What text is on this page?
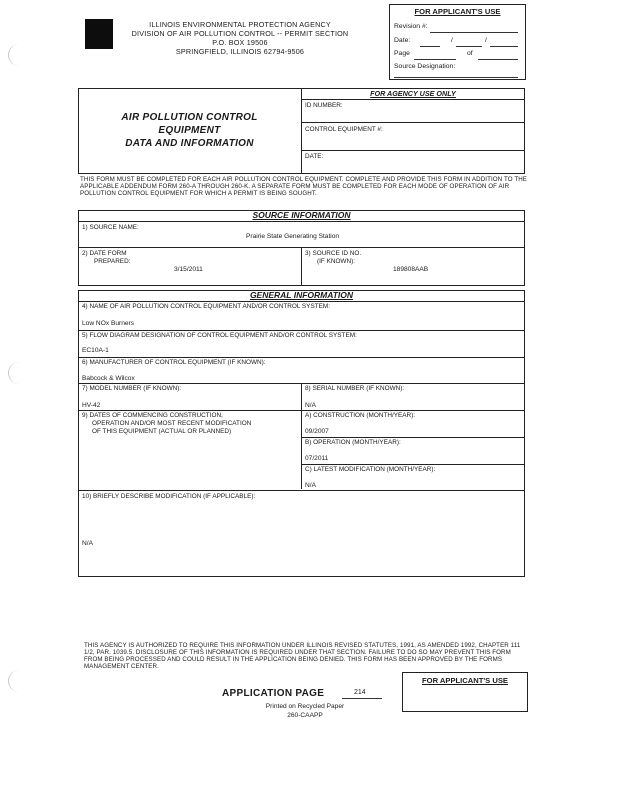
ILLINOIS ENVIRONMENTAL PROTECTION AGENCY
DIVISION OF AIR POLLUTION CONTROL -- PERMIT SECTION
P.O. BOX 19506
SPRINGFIELD, ILLINOIS 62794-9506
FOR APPLICANT'S USE
Revision #:
Date:	/	/
Page	of
Source Designation:
AIR POLLUTION CONTROL
EQUIPMENT
DATA AND INFORMATION
FOR AGENCY USE ONLY
ID NUMBER:
CONTROL EQUIPMENT #:
DATE:
THIS FORM MUST BE COMPLETED FOR EACH AIR POLLUTION CONTROL EQUIPMENT. COMPLETE AND PROVIDE THIS FORM IN ADDITION TO THE APPLICABLE ADDENDUM FORM 260-A THROUGH 260-K. A SEPARATE FORM MUST BE COMPLETED FOR EACH MODE OF OPERATION OF AIR POLLUTION CONTROL EQUIPMENT FOR WHICH A PERMIT IS BEING SOUGHT.
SOURCE INFORMATION
1) SOURCE NAME:
Prairie State Generating Station
2) DATE FORM
PREPARED:
3/15/2011
3) SOURCE ID NO.
(IF KNOWN):
189808AAB
GENERAL INFORMATION
4) NAME OF AIR POLLUTION CONTROL EQUIPMENT AND/OR CONTROL SYSTEM:
Low NOx Burners
5) FLOW DIAGRAM DESIGNATION OF CONTROL EQUIPMENT AND/OR CONTROL SYSTEM:
EC10A-1
6) MANUFACTURER OF CONTROL EQUIPMENT (IF KNOWN):
Babcock & Wilcox
7) MODEL NUMBER (IF KNOWN):
HV-42
8) SERIAL NUMBER (IF KNOWN):
N/A
9) DATES OF COMMENCING CONSTRUCTION,
OPERATION AND/OR MOST RECENT MODIFICATION
OF THIS EQUIPMENT (ACTUAL OR PLANNED)
A) CONSTRUCTION (MONTH/YEAR):
09/2007
B) OPERATION (MONTH/YEAR):
07/2011
C) LATEST MODIFICATION (MONTH/YEAR):
N/A
10) BRIEFLY DESCRIBE MODIFICATION (IF APPLICABLE):
N/A
THIS AGENCY IS AUTHORIZED TO REQUIRE THIS INFORMATION UNDER ILLINOIS REVISED STATUTES, 1991, AS AMENDED 1992, CHAPTER 111 1/2, PAR. 1039.5. DISCLOSURE OF THIS INFORMATION IS REQUIRED UNDER THAT SECTION. FAILURE TO DO SO MAY PREVENT THIS FORM FROM BEING PROCESSED AND COULD RESULT IN THE APPLICATION BEING DENIED. THIS FORM HAS BEEN APPROVED BY THE FORMS MANAGEMENT CENTER.
FOR APPLICANT'S USE
APPLICATION PAGE	214
Printed on Recycled Paper
260-CAAPP
